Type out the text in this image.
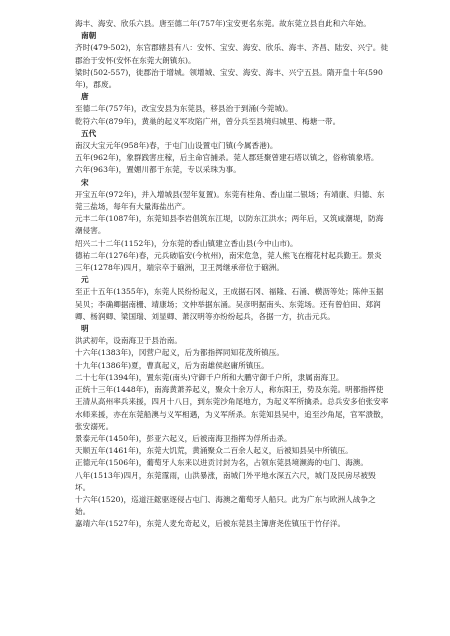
海丰、海安、欣乐六县。唐至德二年(757年)宝安更名东莞。故东莞立县自此和六年始。

南朝

齐时(479-502)，东官郡辖县有八：安怀、宝安、海安、欣乐、海丰、齐昌、陆安、兴宁。徙郡治于安怀(安怀在东莞大朗镇东)。

梁时(502-557)，徙郡治于增城。领增城、宝安、海安、海丰、兴宁五县。隋开皇十年(590年)，郡废。

唐

至德二年(757年)，改宝安县为东莞县，移县治于到涌(今莞城)。

乾符六年(879年)，黄巢的起义军攻陷广州，曾分兵至县境归城里、梅塘一带。

五代

南汉大宝元年(958年)春，于屯门山设置屯门镇(今属香港)。

五年(962年)，象群践害庄稼，后主命官捕杀。莞人郡廷聚曾建石塔以镇之，俗称镇象塔。

六年(963年)，置媚川都于东莞，专以采珠为事。

宋

开宝五年(972年)，并入增城县(翌年复置)。东莞有桂角、香山崖二银场；有靖康、归德、东莞三盐场，每年有大量海盐出产。

元丰二年(1087年)，东莞知县李岩倡筑东江堤，以防东江洪水；两年后，又筑咸潮堤，防海潮侵害。

绍兴二十二年(1152年)，分东莞的香山镇建立香山县(今中山市)。

德祐二年(1276年)春，元兵破临安(今杭州)，南宋危急，莞人熊飞在榴花村起兵勤王。景炎三年(1278年)四月，端宗卒于硇洲，卫王昺继承帝位于硇洲。

元

至正十五年(1355年)，东莞人民纷纷起义，王成据石冈、福隆、石涌、横沥等处；陈仲玉据吴贝；李确卿据南栅、靖康场；文仲举据东涌。吴彦明据南头、东莞场。还有曾伯田、郑润卿、杨润卿、梁国瑞、刘显卿、萧汉明等亦纷纷起兵，各据一方，抗击元兵。

明

洪武初年，设南海卫于县治南。

十六年(1383年)，冈营户起义，后为都指挥同知花茂所镇压。

十九年(1386年)夏，曹真起义，后为南雄侯赵庸所镇压。

二十七年(1394年)，置东莞(南头)守御千户所和大鹏守御千户所，隶属南海卫。

正统十三年(1448年)，南海黄萧养起义，聚众十余万人，称东阳王，势及东莞。明都指挥使王清从高州率兵来援，四月十八日，到东莞沙角尾地方，为起义军所擒杀。总兵安多伯张安率水师来援，亦在东莞船澳与义军相遇，为义军所杀。东莞知县吴中，追至沙角尾，官军溃散，张安溺死。

景泰元年(1450年)，彭亚六起义，后被南海卫指挥为俘所击杀。

天顺五年(1461年)，东莞大饥荒，黄涌聚众二百余人起义，后被知县吴中所镇压。

正德元年(1506年)，葡萄牙人东来以进贡讨封为名，占领东莞县境濒海的屯门、海澳。

八年(1513年)四月，东莞霪雨，山洪暴涨，南城门外平地水深五六尺，城门及民房尽被毁坏。

十六年(1520)，巡道汪鋐驱逐侵占屯门、海澳之葡萄牙人船只。此为广东与欧洲人战争之始。

嘉靖六年(1527年)，东莞人麦允奇起义，后被东莞县主簿唐尧佐镇压于竹仔洋。
